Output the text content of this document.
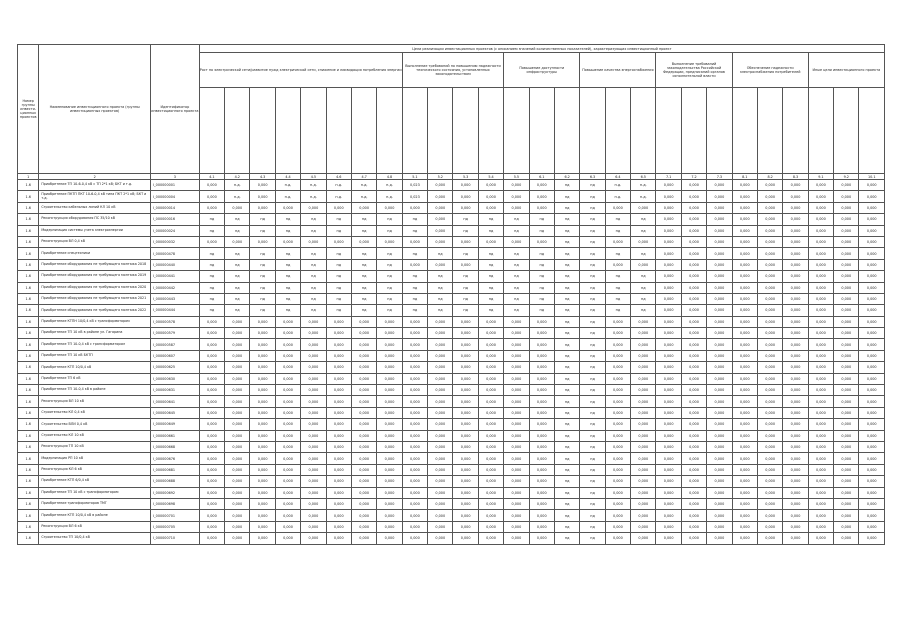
Номер группы инвести-ционных проектов	Наименование инвестиционного проекта (группы инвестиционных проектов)	Идентификатор инвестиционного проекта	Цели реализации инвестиционных проектов (с описанием значений количественных показателей), характеризующих инвестиционный проект																										
			Рост по электрической сети/развитие нужд электрической сети, снижение и ликвидация потребления энергии								Выполнение требований по повышению надежности технического состояния, установленных законодательством				Повышение доступности инфраструктуры			Повышение качества энергоснабжения			Выполнение требований законодательства Российской Федерации, предписаний органов исполнительной власти			Обеспечение надежности электроснабжения потребителей			Иные цели инвестиционного проекта		

1	2	3	4.1	4.2	4.3	4.4	4.5	4.6	4.7	4.8	5.1	5.2	5.3	5.4	5.5	6.1	6.2	6.3	6.4	6.5	7.1	7.2	7.3	8.1	8.2	8.3	9.1	9.2	10.1
1.6	Приобретение ТП 10-6-0,4 кВ с ТП 2*1 кВ; БКТ и т.д.	I_000000001	0,000	н.д.	0,000	н.д.	н.д.	н.д.	н.д.	н.д.	0,023	0,000	0,000	0,000	0,000	0,000	нд	нд	н.д.	н.д.	0,000	0,000	0,000	0,000	0,000	0,000	0,000	0,000	0,000
1.6	Приобретение ПКТП ПКТ 10-6-0,4 кВ типа ПКТ 2*1 кВ; БКТ и т.д.	I_000000004	0,000	н.д.	0,000	н.д.	н.д.	н.д.	н.д.	н.д.	0,023	0,000	0,000	0,000	0,000	0,000	нд	нд	н.д.	н.д.	0,000	0,000	0,000	0,000	0,000	0,000	0,000	0,000	0,000
1.6	Строительство кабельных линий КЛ 10 кВ	I_000000014	0,000	0,000	0,000	0,000	0,000	0,000	0,000	0,000	0,000	0,000	0,000	0,000	0,000	0,000	нд	нд	0,000	0,000	0,000	0,000	0,000	0,000	0,000	0,000	0,000	0,000	0,000
1.6	Реконструкция оборудования ПС 35/10 кВ	I_000000016	нд	нд	нд	нд	нд	нд	нд	нд	нд	0,000	нд	нд	нд	нд	нд	нд	нд	нд	0,000	0,000	0,000	0,000	0,000	0,000	0,000	0,000	0,000
1.6	Модернизация системы учета электроэнергии	I_000000024	нд	нд	нд	нд	нд	нд	нд	нд	нд	0,000	нд	нд	нд	нд	нд	нд	нд	нд	0,000	0,000	0,000	0,000	0,000	0,000	0,000	0,000	0,000
1.6	Реконструкция ВЛ 0,4 кВ	I_000000032	0,000	0,000	0,000	0,000	0,000	0,000	0,000	0,000	0,000	0,000	0,000	0,000	0,000	0,000	нд	нд	0,000	0,000	0,000	0,000	0,000	0,000	0,000	0,000	0,000	0,000	0,000
1.6	Приобретение спецтехники	I_000000478	нд	нд	нд	нд	нд	нд	нд	нд	нд	нд	нд	нд	нд	нд	нд	нд	нд	нд	0,000	0,000	0,000	0,000	0,000	0,000	0,000	0,000	0,000
1.6	Приобретение оборудования не требующего монтажа 2018	I_000000440	нд	нд	нд	нд	нд	нд	нд	нд	0,000	0,000	0,000	нд	нд	нд	нд	нд	0,000	0,000	0,000	0,000	0,000	0,000	0,000	0,000	0,000	0,000	0,000
1.6	Приобретение оборудования не требующего монтажа 2019	I_000000441	нд	нд	нд	нд	нд	нд	нд	нд	нд	нд	нд	нд	нд	нд	нд	нд	нд	нд	0,000	0,000	0,000	0,000	0,000	0,000	0,000	0,000	0,000
1.6	Приобретение оборудования не требующего монтажа 2020	I_000000442	нд	нд	нд	нд	нд	нд	нд	нд	нд	нд	нд	нд	нд	нд	нд	нд	нд	нд	0,000	0,000	0,000	0,000	0,000	0,000	0,000	0,000	0,000
1.6	Приобретение оборудования не требующего монтажа 2021	I_000000443	нд	нд	нд	нд	нд	нд	нд	нд	нд	нд	нд	нд	нд	нд	нд	нд	нд	нд	0,000	0,000	0,000	0,000	0,000	0,000	0,000	0,000	0,000
1.6	Приобретение оборудования не требующего монтажа 2022	I_000000444	нд	нд	нд	нд	нд	нд	нд	нд	нд	нд	нд	нд	нд	нд	нд	нд	нд	нд	0,000	0,000	0,000	0,000	0,000	0,000	0,000	0,000	0,000
1.6	Приобретение КТПН 10/0,4 кВ с трансформатором	I_000000578	0,000	0,000	0,000	0,000	0,000	0,000	0,000	0,000	0,000	0,000	0,000	0,000	0,000	0,000	нд	нд	0,000	0,000	0,000	0,000	0,000	0,000	0,000	0,000	0,000	0,000	0,000
1.6	Приобретение ТП 10 кВ в районе ул. Гагарина	I_000000579	0,000	0,000	0,000	0,000	0,000	0,000	0,000	0,000	0,000	0,000	0,000	0,000	0,000	0,000	нд	нд	0,000	0,000	0,000	0,000	0,000	0,000	0,000	0,000	0,000	0,000	0,000
1.6	Приобретение ТП 10-0,4 кВ с трансформатором	I_000000587	0,000	0,000	0,000	0,000	0,000	0,000	0,000	0,000	0,000	0,000	0,000	0,000	0,000	0,000	нд	нд	0,000	0,000	0,000	0,000	0,000	0,000	0,000	0,000	0,000	0,000	0,000
1.6	Приобретение ТП 10 кВ БКТП	I_000000607	0,000	0,000	0,000	0,000	0,000	0,000	0,000	0,000	0,000	0,000	0,000	0,000	0,000	0,000	нд	нд	0,000	0,000	0,000	0,000	0,000	0,000	0,000	0,000	0,000	0,000	0,000
1.6	Приобретение КТП 10/0,4 кВ	I_000000625	0,000	0,000	0,000	0,000	0,000	0,000	0,000	0,000	0,000	0,000	0,000	0,000	0,000	0,000	нд	нд	0,000	0,000	0,000	0,000	0,000	0,000	0,000	0,000	0,000	0,000	0,000
1.6	Приобретение ТП 6 кВ	I_000000630	0,000	0,000	0,000	0,000	0,000	0,000	0,000	0,000	0,000	0,000	0,000	0,000	0,000	0,000	нд	нд	0,000	0,000	0,000	0,000	0,000	0,000	0,000	0,000	0,000	0,000	0,000
1.6	Приобретение ТП 10-0,4 кВ в районе	I_000000631	0,000	0,000	0,000	0,000	0,000	0,000	0,000	0,000	0,000	0,000	0,000	0,000	0,000	0,000	нд	нд	0,000	0,000	0,000	0,000	0,000	0,000	0,000	0,000	0,000	0,000	0,000
1.6	Реконструкция ВЛ 10 кВ	I_000000641	0,000	0,000	0,000	0,000	0,000	0,000	0,000	0,000	0,000	0,000	0,000	0,000	0,000	0,000	нд	нд	0,000	0,000	0,000	0,000	0,000	0,000	0,000	0,000	0,000	0,000	0,000
1.6	Строительство КЛ 0,4 кВ	I_000000645	0,000	0,000	0,000	0,000	0,000	0,000	0,000	0,000	0,000	0,000	0,000	0,000	0,000	0,000	нд	нд	0,000	0,000	0,000	0,000	0,000	0,000	0,000	0,000	0,000	0,000	0,000
1.6	Строительство ВЛИ 0,4 кВ	I_000000649	0,000	0,000	0,000	0,000	0,000	0,000	0,000	0,000	0,000	0,000	0,000	0,000	0,000	0,000	нд	нд	0,000	0,000	0,000	0,000	0,000	0,000	0,000	0,000	0,000	0,000	0,000
1.6	Строительство КЛ 10 кВ	I_000000661	0,000	0,000	0,000	0,000	0,000	0,000	0,000	0,000	0,000	0,000	0,000	0,000	0,000	0,000	нд	нд	0,000	0,000	0,000	0,000	0,000	0,000	0,000	0,000	0,000	0,000	0,000
1.6	Реконструкция ТП 10 кВ	I_000000668	0,000	0,000	0,000	0,000	0,000	0,000	0,000	0,000	0,000	0,000	0,000	0,000	0,000	0,000	нд	нд	0,000	0,000	0,000	0,000	0,000	0,000	0,000	0,000	0,000	0,000	0,000
1.6	Модернизация РП 10 кВ	I_000000676	0,000	0,000	0,000	0,000	0,000	0,000	0,000	0,000	0,000	0,000	0,000	0,000	0,000	0,000	нд	нд	0,000	0,000	0,000	0,000	0,000	0,000	0,000	0,000	0,000	0,000	0,000
1.6	Реконструкция КЛ 6 кВ	I_000000681	0,000	0,000	0,000	0,000	0,000	0,000	0,000	0,000	0,000	0,000	0,000	0,000	0,000	0,000	нд	нд	0,000	0,000	0,000	0,000	0,000	0,000	0,000	0,000	0,000	0,000	0,000
1.6	Приобретение КТП 6/0,4 кВ	I_000000688	0,000	0,000	0,000	0,000	0,000	0,000	0,000	0,000	0,000	0,000	0,000	0,000	0,000	0,000	нд	нд	0,000	0,000	0,000	0,000	0,000	0,000	0,000	0,000	0,000	0,000	0,000
1.6	Приобретение ТП 10 кВ с трансформатором	I_000000692	0,000	0,000	0,000	0,000	0,000	0,000	0,000	0,000	0,000	0,000	0,000	0,000	0,000	0,000	нд	нд	0,000	0,000	0,000	0,000	0,000	0,000	0,000	0,000	0,000	0,000	0,000
1.6	Приобретение трансформаторов ТМГ	I_000000698	0,000	0,000	0,000	0,000	0,000	0,000	0,000	0,000	0,000	0,000	0,000	0,000	0,000	0,000	нд	нд	0,000	0,000	0,000	0,000	0,000	0,000	0,000	0,000	0,000	0,000	0,000
1.6	Приобретение КТП 10/0,4 кВ в районе	I_000000701	0,000	0,000	0,000	0,000	0,000	0,000	0,000	0,000	0,000	0,000	0,000	0,000	0,000	0,000	нд	нд	0,000	0,000	0,000	0,000	0,000	0,000	0,000	0,000	0,000	0,000	0,000
1.6	Реконструкция ВЛ 6 кВ	I_000000705	0,000	0,000	0,000	0,000	0,000	0,000	0,000	0,000	0,000	0,000	0,000	0,000	0,000	0,000	нд	нд	0,000	0,000	0,000	0,000	0,000	0,000	0,000	0,000	0,000	0,000	0,000
1.6	Строительство ТП 10/0,4 кВ	I_000000710	0,000	0,000	0,000	0,000	0,000	0,000	0,000	0,000	0,000	0,000	0,000	0,000	0,000	0,000	нд	нд	0,000	0,000	0,000	0,000	0,000	0,000	0,000	0,000	0,000	0,000	0,000
